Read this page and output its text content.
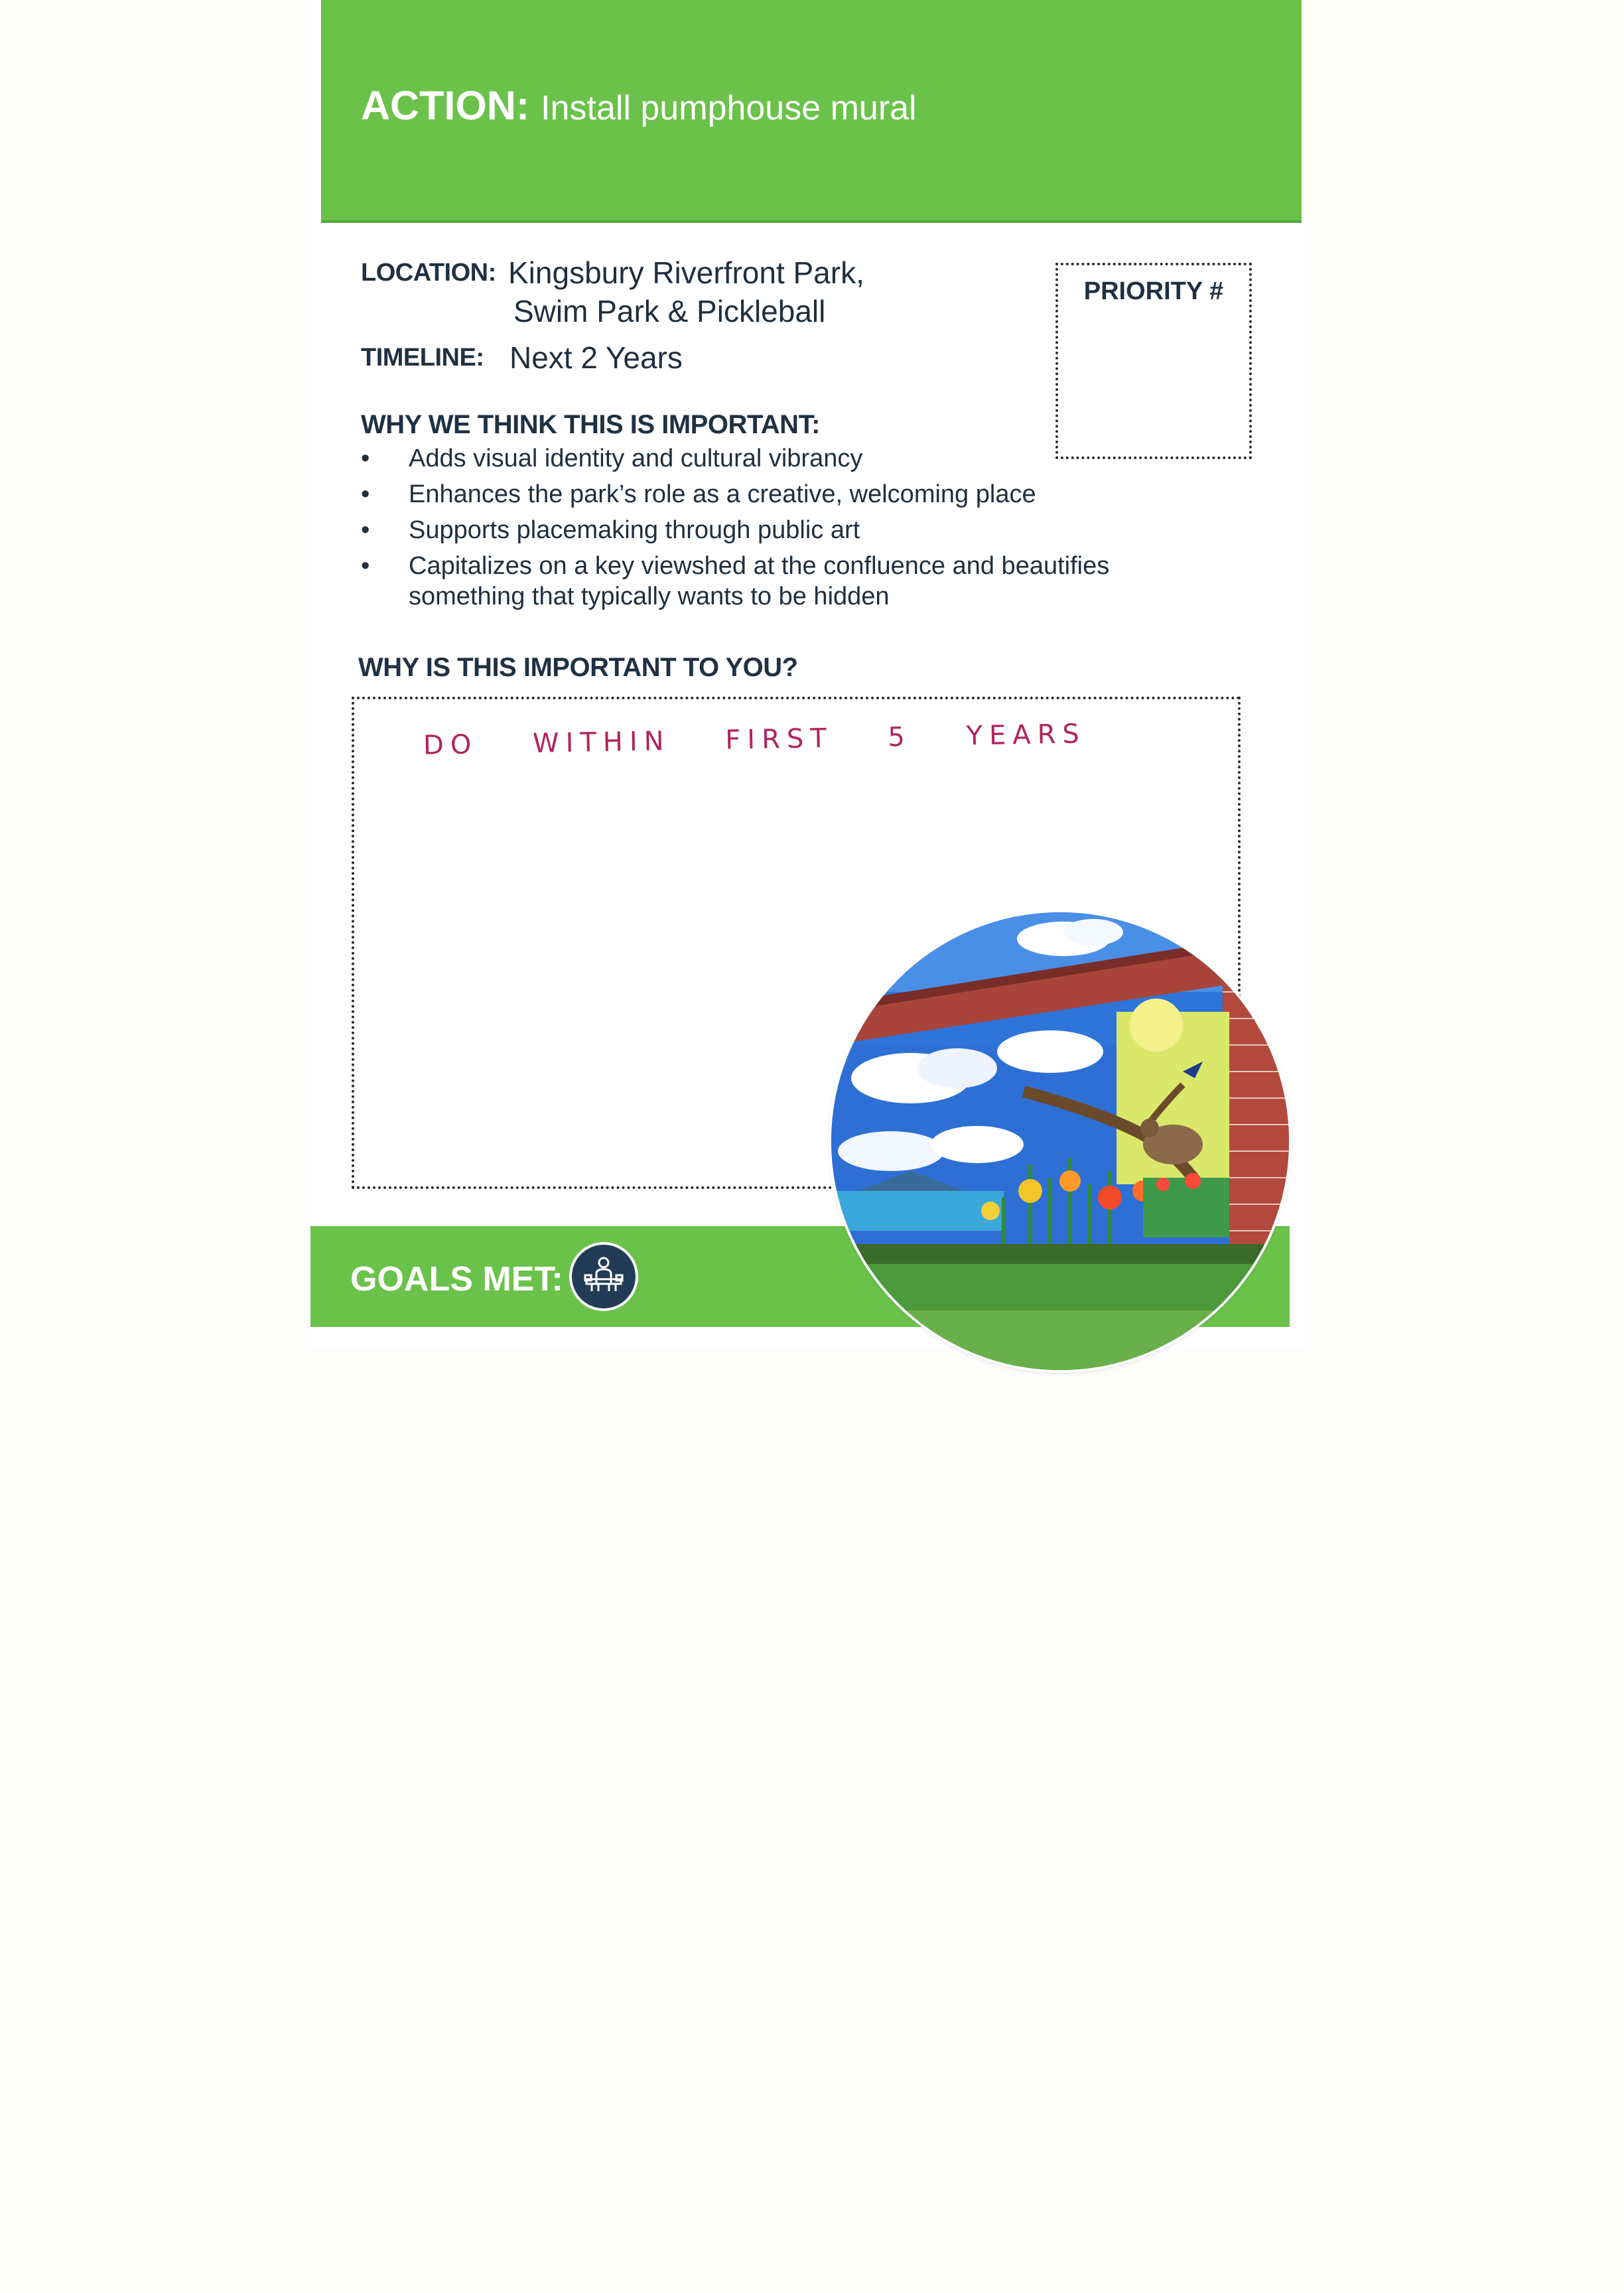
ACTION: Install pumphouse mural
LOCATION: Kingsbury Riverfront Park,
Swim Park & Pickleball
TIMELINE: Next 2 Years
PRIORITY #
WHY WE THINK THIS IS IMPORTANT:
• Adds visual identity and cultural vibrancy
• Enhances the park’s role as a creative, welcoming place
• Supports placemaking through public art
• Capitalizes on a key viewshed at the confluence and beautifies something that typically wants to be hidden
WHY IS THIS IMPORTANT TO YOU?

DO WITHIN FIRST 5 YEARS

GOALS MET:
